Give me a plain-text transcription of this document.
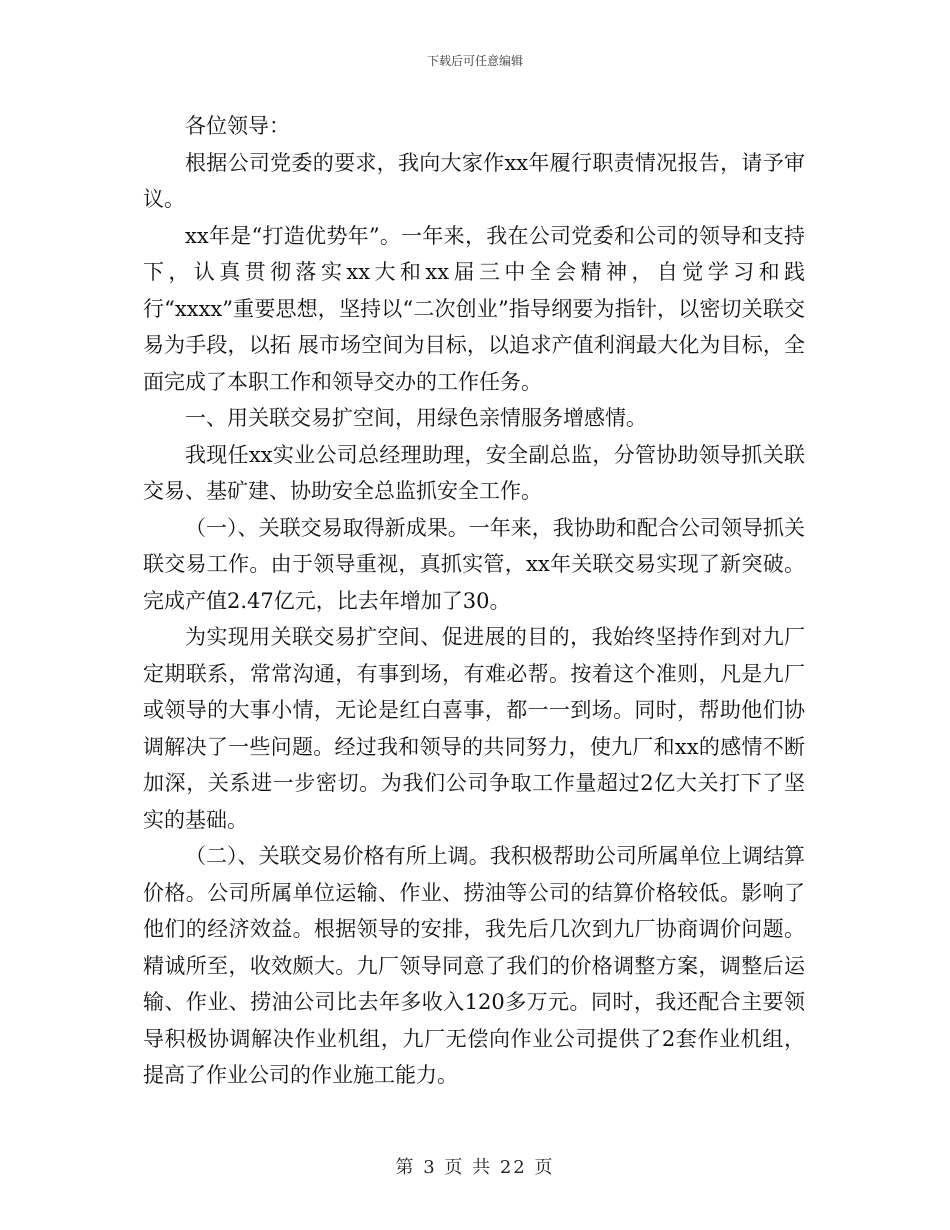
下载后可任意编辑

各位领导：

根据公司党委的要求，我向大家作xx年履行职责情况报告，请予审议。

xx年是“打造优势年”。一年来，我在公司党委和公司的领导和支持下，认真贯彻落实xx大和xx届三中全会精神，自觉学习和践行“xxxx”重要思想，坚持以“二次创业”指导纲要为指针，以密切关联交易为手段，以拓 展市场空间为目标，以追求产值利润最大化为目标，全面完成了本职工作和领导交办的工作任务。

一、用关联交易扩空间，用绿色亲情服务增感情。

我现任xx实业公司总经理助理，安全副总监，分管协助领导抓关联交易、基矿建、协助安全总监抓安全工作。

（一）、关联交易取得新成果。一年来，我协助和配合公司领导抓关联交易工作。由于领导重视，真抓实管，xx年关联交易实现了新突破。完成产值2.47亿元，比去年增加了30。

为实现用关联交易扩空间、促进展的目的，我始终坚持作到对九厂定期联系，常常沟通，有事到场，有难必帮。按着这个准则，凡是九厂或领导的大事小情，无论是红白喜事，都一一到场。同时，帮助他们协调解决了一些问题。经过我和领导的共同努力，使九厂和xx的感情不断加深，关系进一步密切。为我们公司争取工作量超过2亿大关打下了坚实的基础。

（二）、关联交易价格有所上调。我积极帮助公司所属单位上调结算价格。公司所属单位运输、作业、捞油等公司的结算价格较低。影响了他们的经济效益。根据领导的安排，我先后几次到九厂协商调价问题。精诚所至，收效颇大。九厂领导同意了我们的价格调整方案，调整后运输、作业、捞油公司比去年多收入120多万元。同时，我还配合主要领导积极协调解决作业机组，九厂无偿向作业公司提供了2套作业机组，提高了作业公司的作业施工能力。

第 3 页 共 22 页
